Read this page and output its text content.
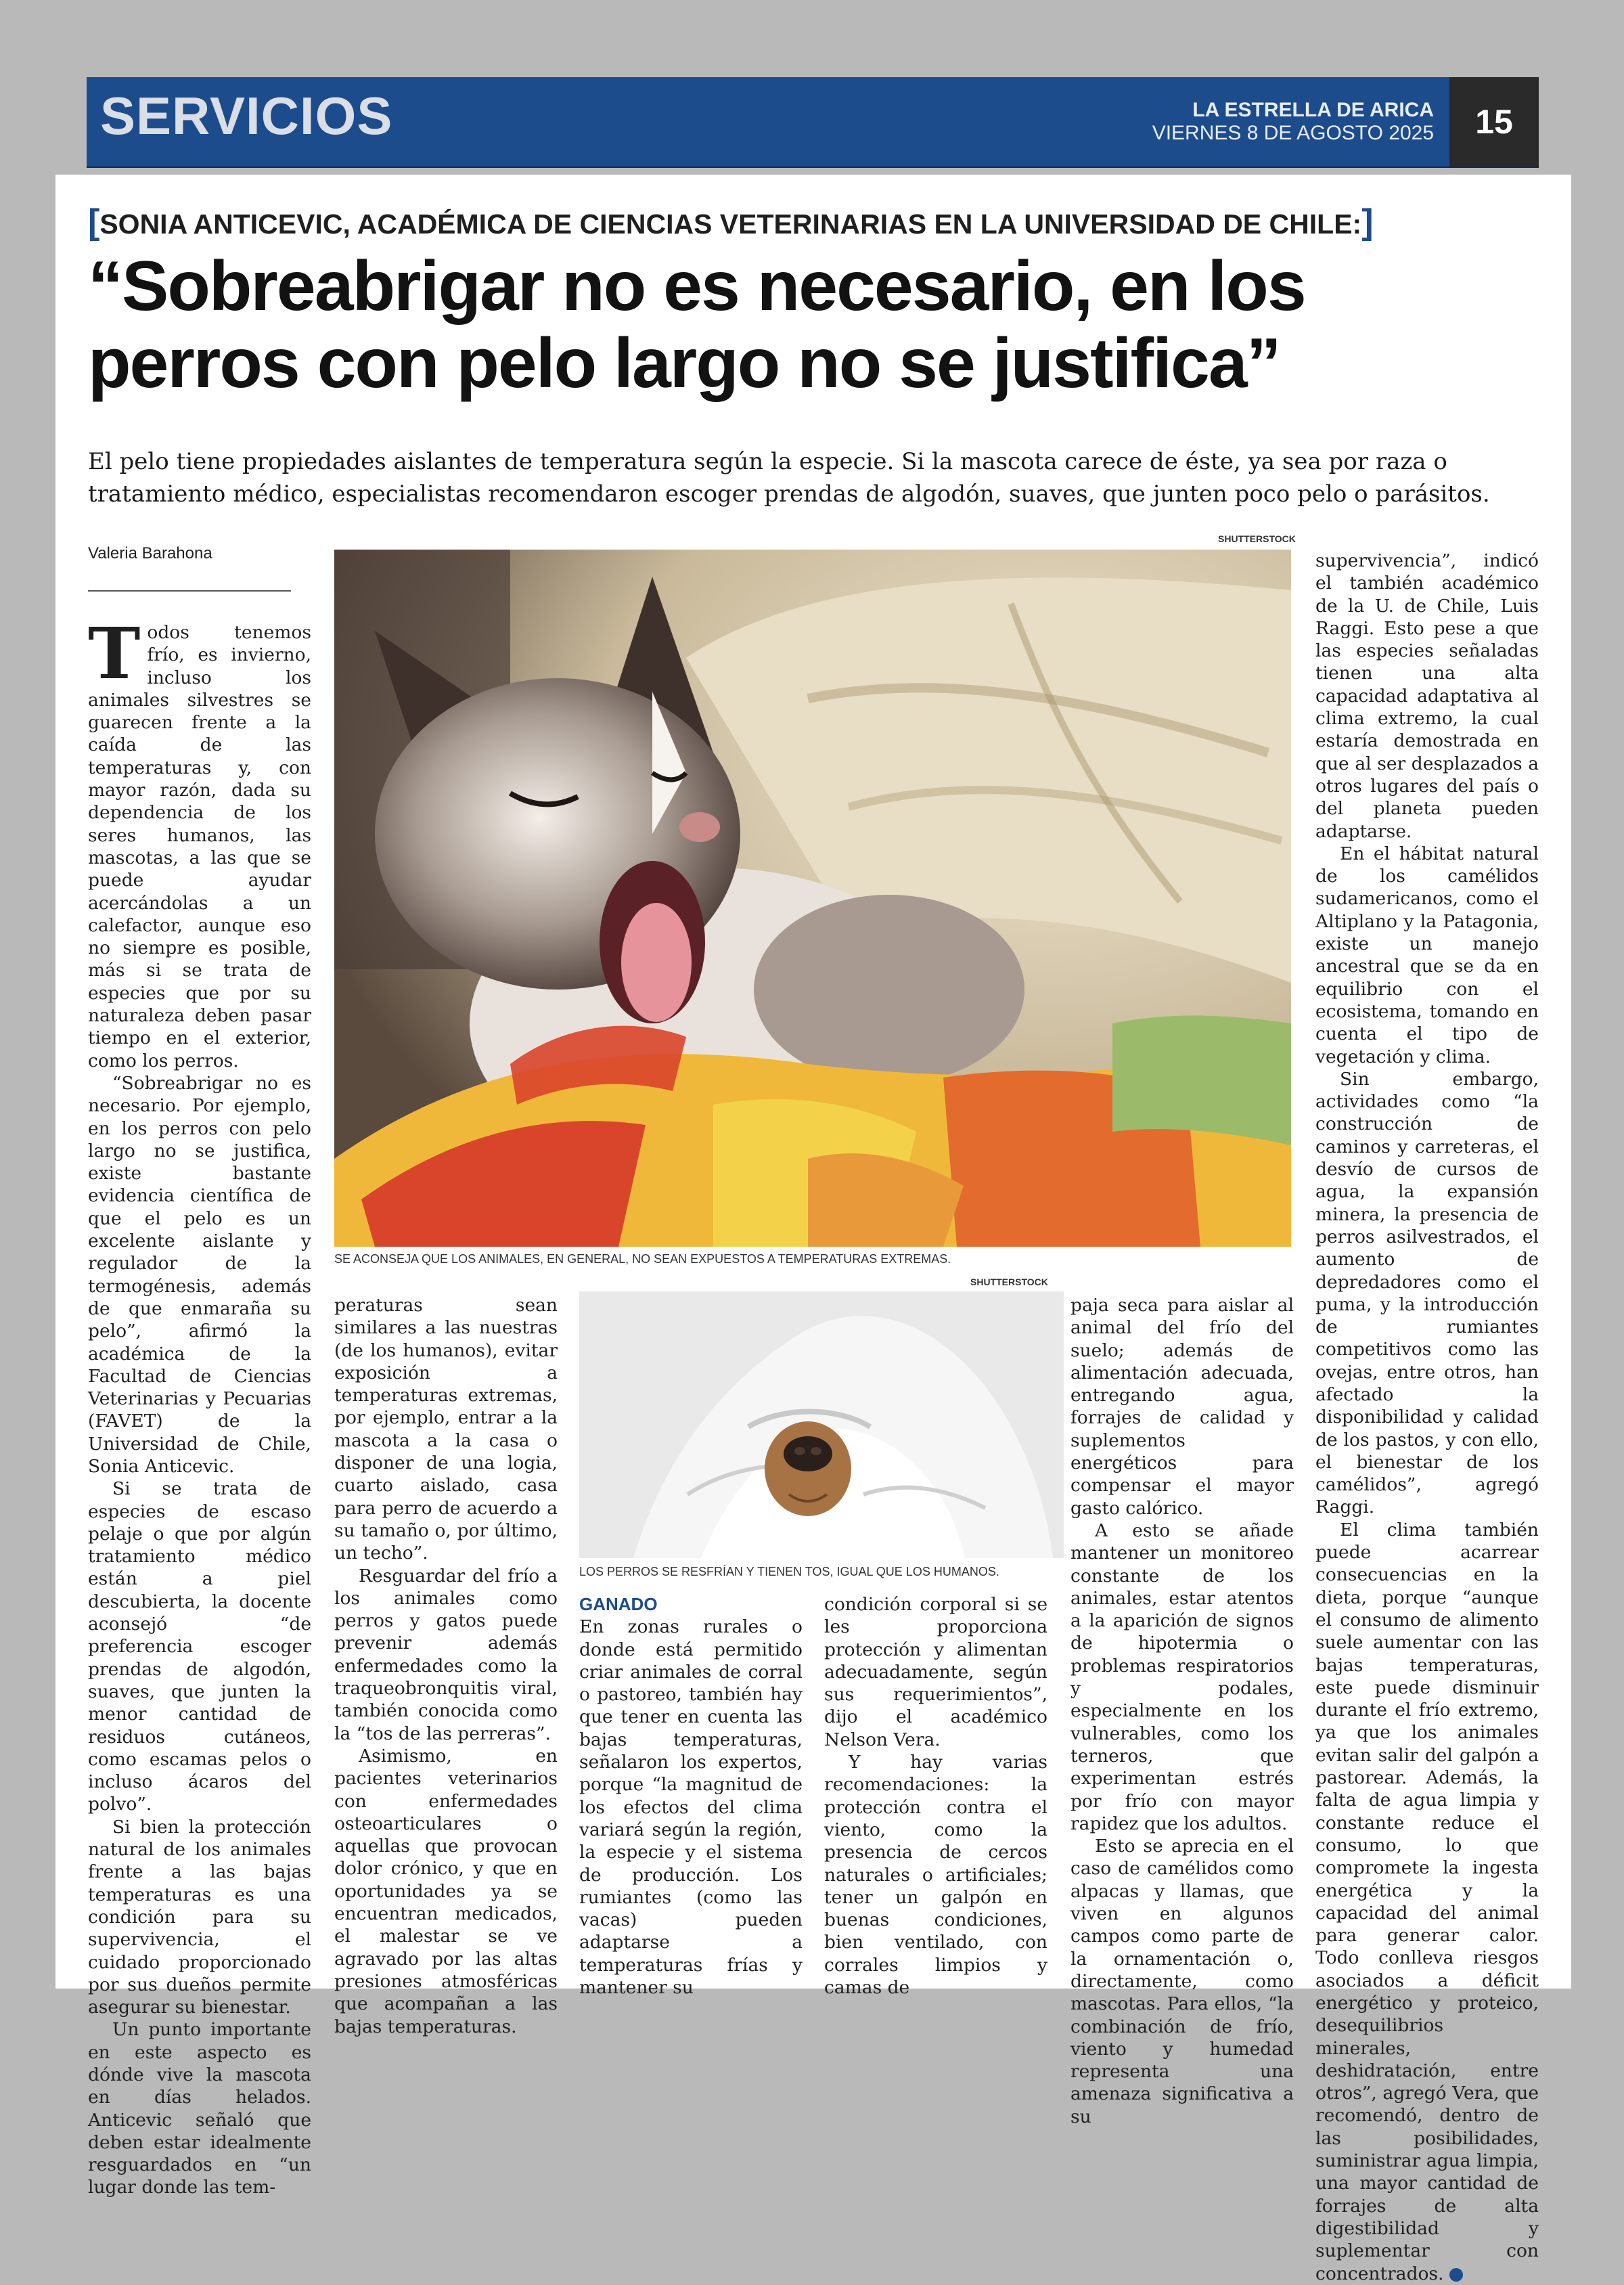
SERVICIOS	LA ESTRELLA DE ARICA
VIERNES 8 DE AGOSTO 2025	15
[SONIA ANTICEVIC, ACADÉMICA DE CIENCIAS VETERINARIAS EN LA UNIVERSIDAD DE CHILE:]
“Sobreabrigar no es necesario, en los
perros con pelo largo no se justifica”
El pelo tiene propiedades aislantes de temperatura según la especie. Si la mascota carece de éste, ya sea por raza o tratamiento médico, especialistas recomendaron escoger prendas de algodón, suaves, que junten poco pelo o parásitos.
Valeria Barahona
SHUTTERSTOCK
SE ACONSEJA QUE LOS ANIMALES, EN GENERAL, NO SEAN EXPUESTOS A TEMPERATURAS EXTREMAS.
SHUTTERSTOCK
LOS PERROS SE RESFRÍAN Y TIENEN TOS, IGUAL QUE LOS HUMANOS.

Todos tenemos frío, es invierno, incluso los animales silvestres se guarecen frente a la caída de las temperaturas y, con mayor razón, dada su dependencia de los seres humanos, las mascotas, a las que se puede ayudar acercándolas a un calefactor, aunque eso no siempre es posible, más si se trata de especies que por su naturaleza deben pasar tiempo en el exterior, como los perros.

“Sobreabrigar no es necesario. Por ejemplo, en los perros con pelo largo no se justifica, existe bastante evidencia científica de que el pelo es un excelente aislante y regulador de la termogénesis, además de que enmaraña su pelo”, afirmó la académica de la Facultad de Ciencias Veterinarias y Pecuarias (FAVET) de la Universidad de Chile, Sonia Anticevic.

Si se trata de especies de escaso pelaje o que por algún tratamiento médico están a piel descubierta, la docente aconsejó “de preferencia escoger prendas de algodón, suaves, que junten la menor cantidad de residuos cutáneos, como escamas pelos o incluso ácaros del polvo”.

Si bien la protección natural de los animales frente a las bajas temperaturas es una condición para su supervivencia, el cuidado proporcionado por sus dueños permite asegurar su bienestar.

Un punto importante en este aspecto es dónde vive la mascota en días helados. Anticevic señaló que deben estar idealmente resguardados en “un lugar donde las tem-

peraturas sean similares a las nuestras (de los humanos), evitar exposición a temperaturas extremas, por ejemplo, entrar a la mascota a la casa o disponer de una logia, cuarto aislado, casa para perro de acuerdo a su tamaño o, por último, un techo”.

Resguardar del frío a los animales como perros y gatos puede prevenir además enfermedades como la traqueobronquitis viral, también conocida como la “tos de las perreras”.

Asimismo, en pacientes veterinarios con enfermedades osteoarticulares o aquellas que provocan dolor crónico, y que en oportunidades ya se encuentran medicados, el malestar se ve agravado por las altas presiones atmosféricas que acompañan a las bajas temperaturas.

GANADO

En zonas rurales o donde está permitido criar animales de corral o pastoreo, también hay que tener en cuenta las bajas temperaturas, señalaron los expertos, porque “la magnitud de los efectos del clima variará según la región, la especie y el sistema de producción. Los rumiantes (como las vacas) pueden adaptarse a temperaturas frías y mantener su

condición corporal si se les proporciona protección y alimentan adecuadamente, según sus requerimientos”, dijo el académico Nelson Vera.

Y hay varias recomendaciones: la protección contra el viento, como la presencia de cercos naturales o artificiales; tener un galpón en buenas condiciones, bien ventilado, con corrales limpios y camas de

paja seca para aislar al animal del frío del suelo; además de alimentación adecuada, entregando agua, forrajes de calidad y suplementos energéticos para compensar el mayor gasto calórico.

A esto se añade mantener un monitoreo constante de los animales, estar atentos a la aparición de signos de hipotermia o problemas respiratorios y podales, especialmente en los vulnerables, como los terneros, que experimentan estrés por frío con mayor rapidez que los adultos.

Esto se aprecia en el caso de camélidos como alpacas y llamas, que viven en algunos campos como parte de la ornamentación o, directamente, como mascotas. Para ellos, “la combinación de frío, viento y humedad representa una amenaza significativa a su

supervivencia”, indicó el también académico de la U. de Chile, Luis Raggi. Esto pese a que las especies señaladas tienen una alta capacidad adaptativa al clima extremo, la cual estaría demostrada en que al ser desplazados a otros lugares del país o del planeta pueden adaptarse.

En el hábitat natural de los camélidos sudamericanos, como el Altiplano y la Patagonia, existe un manejo ancestral que se da en equilibrio con el ecosistema, tomando en cuenta el tipo de vegetación y clima.

Sin embargo, actividades como “la construcción de caminos y carreteras, el desvío de cursos de agua, la expansión minera, la presencia de perros asilvestrados, el aumento de depredadores como el puma, y la introducción de rumiantes competitivos como las ovejas, entre otros, han afectado la disponibilidad y calidad de los pastos, y con ello, el bienestar de los camélidos”, agregó Raggi.

El clima también puede acarrear consecuencias en la dieta, porque “aunque el consumo de alimento suele aumentar con las bajas temperaturas, este puede disminuir durante el frío extremo, ya que los animales evitan salir del galpón a pastorear. Además, la falta de agua limpia y constante reduce el consumo, lo que compromete la ingesta energética y la capacidad del animal para generar calor. Todo conlleva riesgos asociados a déficit energético y proteico, desequilibrios minerales, deshidratación, entre otros”, agregó Vera, que recomendó, dentro de las posibilidades, suministrar agua limpia, una mayor cantidad de forrajes de alta digestibilidad y suplementar con concentrados.
